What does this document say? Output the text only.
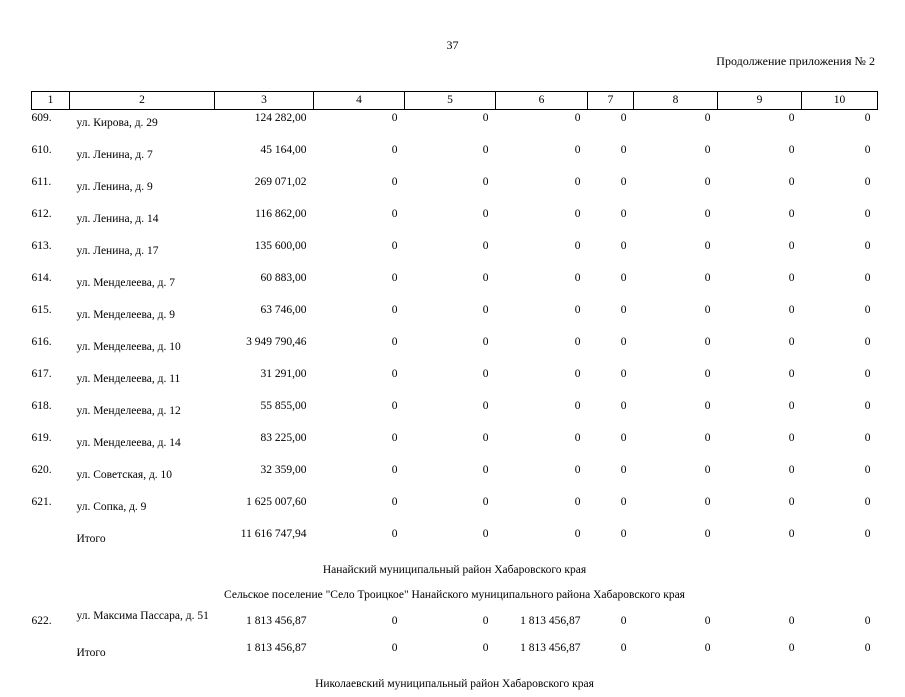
37
Продолжение приложения № 2
1	2	3	4	5	6	7	8	9	10
609.	ул. Кирова, д. 29	124 282,00	0	0	0	0	0	0	0
610.	ул. Ленина, д. 7	45 164,00	0	0	0	0	0	0	0
611.	ул. Ленина, д. 9	269 071,02	0	0	0	0	0	0	0
612.	ул. Ленина, д. 14	116 862,00	0	0	0	0	0	0	0
613.	ул. Ленина, д. 17	135 600,00	0	0	0	0	0	0	0
614.	ул. Менделеева, д. 7	60 883,00	0	0	0	0	0	0	0
615.	ул. Менделеева, д. 9	63 746,00	0	0	0	0	0	0	0
616.	ул. Менделеева, д. 10	3 949 790,46	0	0	0	0	0	0	0
617.	ул. Менделеева, д. 11	31 291,00	0	0	0	0	0	0	0
618.	ул. Менделеева, д. 12	55 855,00	0	0	0	0	0	0	0
619.	ул. Менделеева, д. 14	83 225,00	0	0	0	0	0	0	0
620.	ул. Советская, д. 10	32 359,00	0	0	0	0	0	0	0
621.	ул. Сопка, д. 9	1 625 007,60	0	0	0	0	0	0	0
	Итого	11 616 747,94	0	0	0	0	0	0	0
Нанайский муниципальный район Хабаровского края									
Сельское поселение "Село Троицкое" Нанайского муниципального района Хабаровского края									
622.	ул. Максима Пассара, д. 51	1 813 456,87	0	0	1 813 456,87	0	0	0	0
	Итого	1 813 456,87	0	0	1 813 456,87	0	0	0	0
Николаевский муниципальный район Хабаровского края									
